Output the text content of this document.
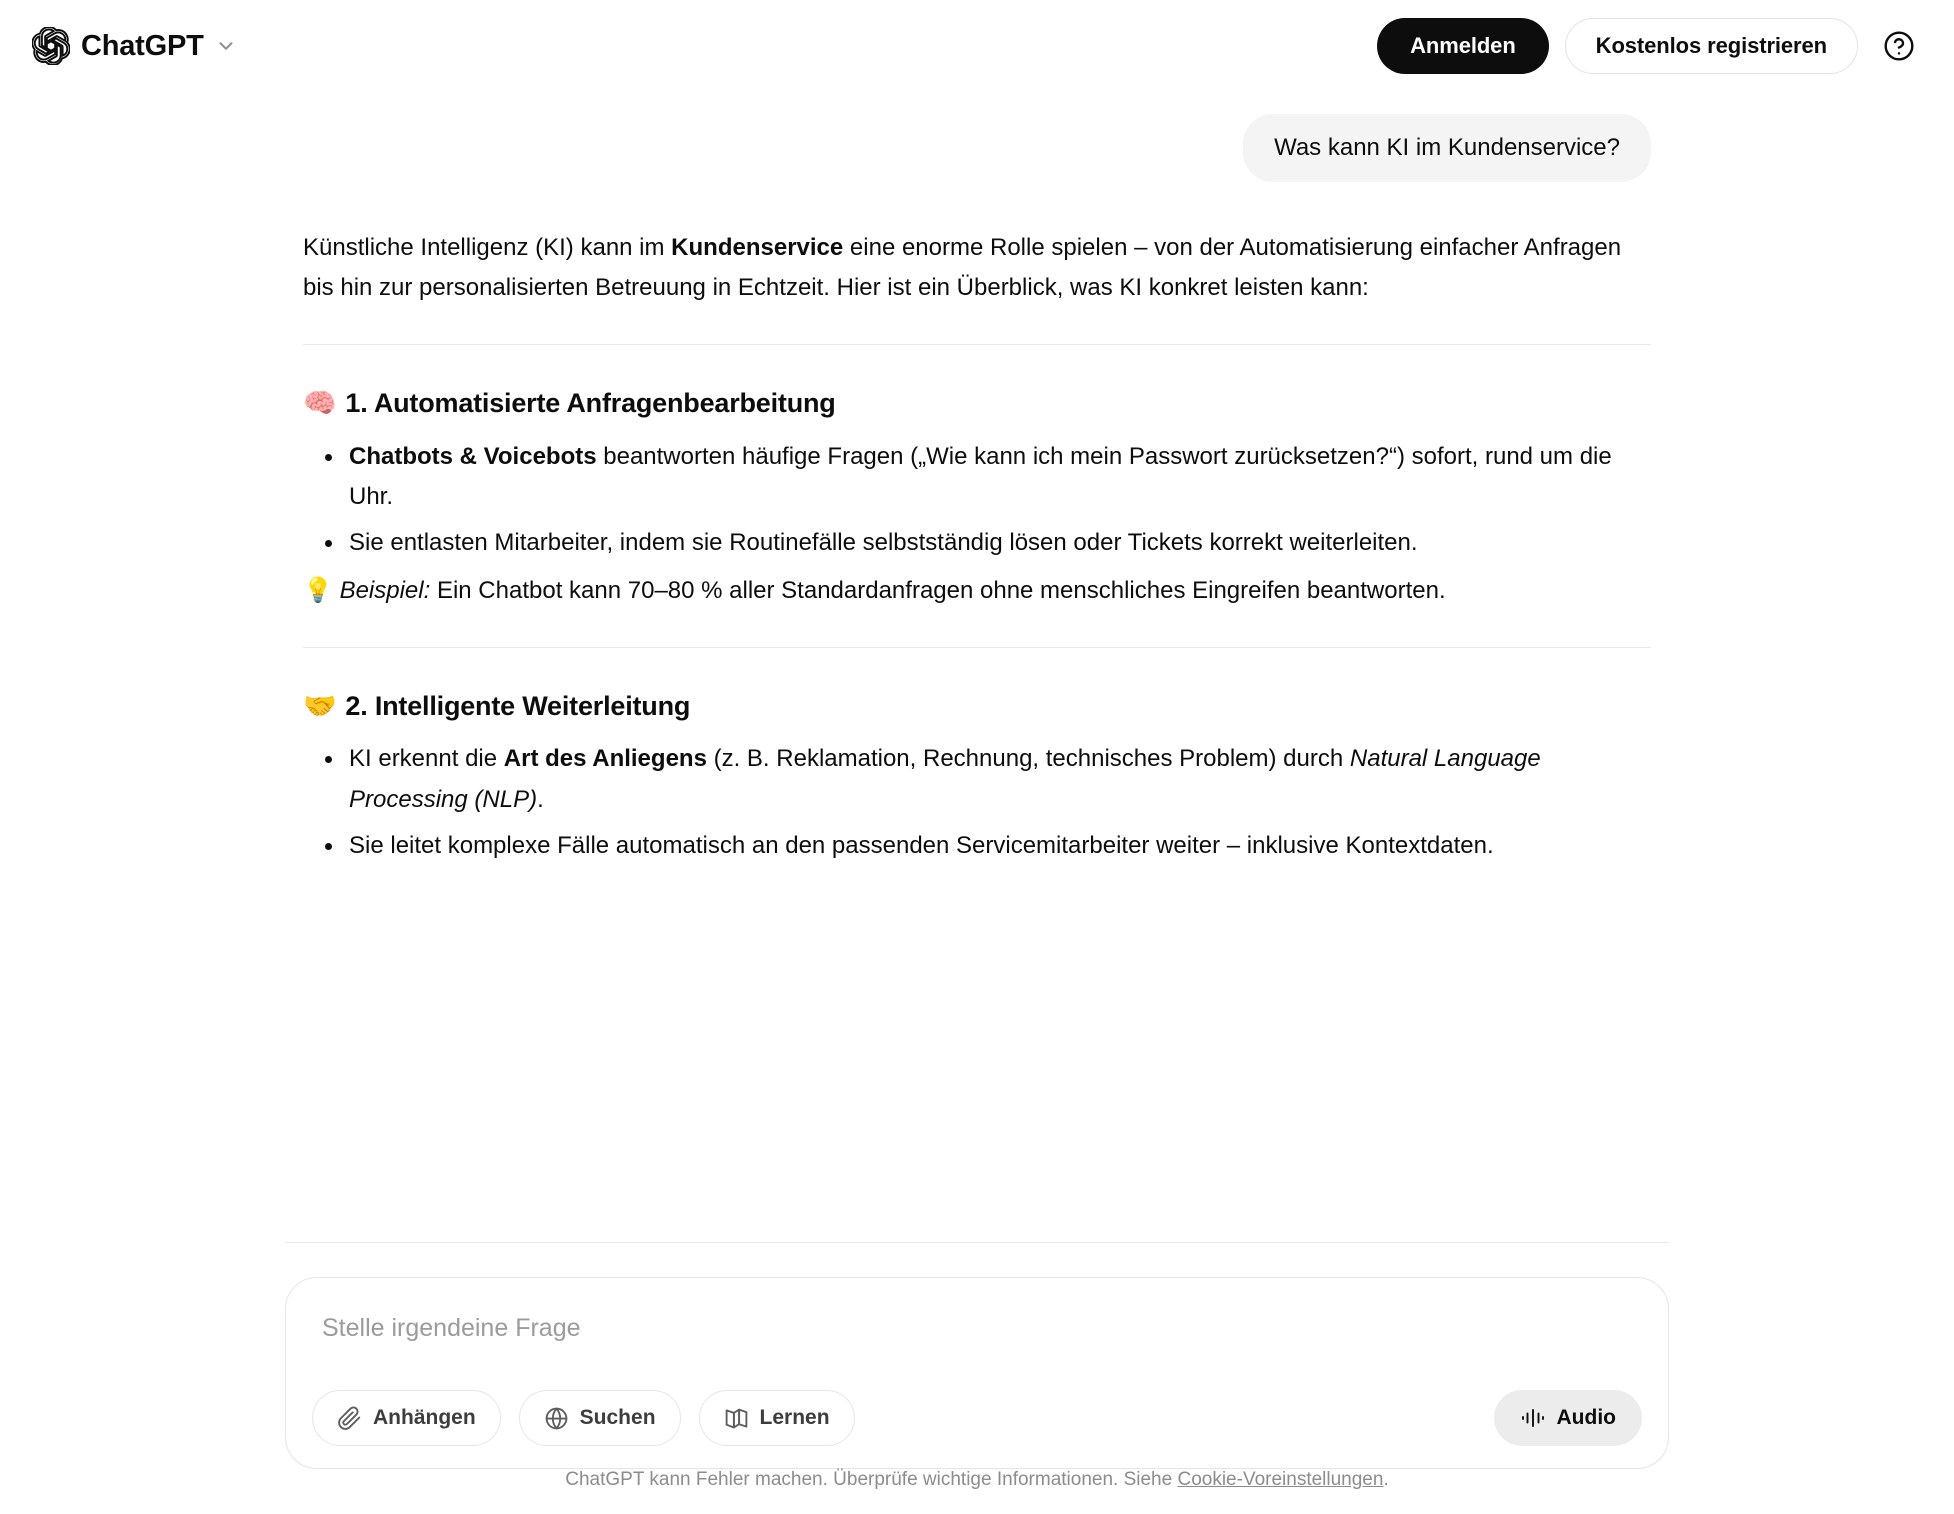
ChatGPT	Anmelden	Kostenlos registrieren
Was kann KI im Kundenservice?

Künstliche Intelligenz (KI) kann im Kundenservice eine enorme Rolle spielen – von der Automatisierung einfacher Anfragen bis hin zur personalisierten Betreuung in Echtzeit. Hier ist ein Überblick, was KI konkret leisten kann:

🧠 1. Automatisierte Anfragenbearbeitung
Chatbots & Voicebots beantworten häufige Fragen („Wie kann ich mein Passwort zurücksetzen?“) sofort, rund um die Uhr.
Sie entlasten Mitarbeiter, indem sie Routinefälle selbstständig lösen oder Tickets korrekt weiterleiten.

💡 Beispiel: Ein Chatbot kann 70–80 % aller Standardanfragen ohne menschliches Eingreifen beantworten.

🤝 2. Intelligente Weiterleitung
KI erkennt die Art des Anliegens (z. B. Reklamation, Rechnung, technisches Problem) durch Natural Language Processing (NLP).
Sie leitet komplexe Fälle automatisch an den passenden Servicemitarbeiter weiter – inklusive Kontextdaten.
Stelle irgendeine Frage
Anhängen	Suchen	Lernen	Audio
ChatGPT kann Fehler machen. Überprüfe wichtige Informationen. Siehe Cookie-Voreinstellungen.
